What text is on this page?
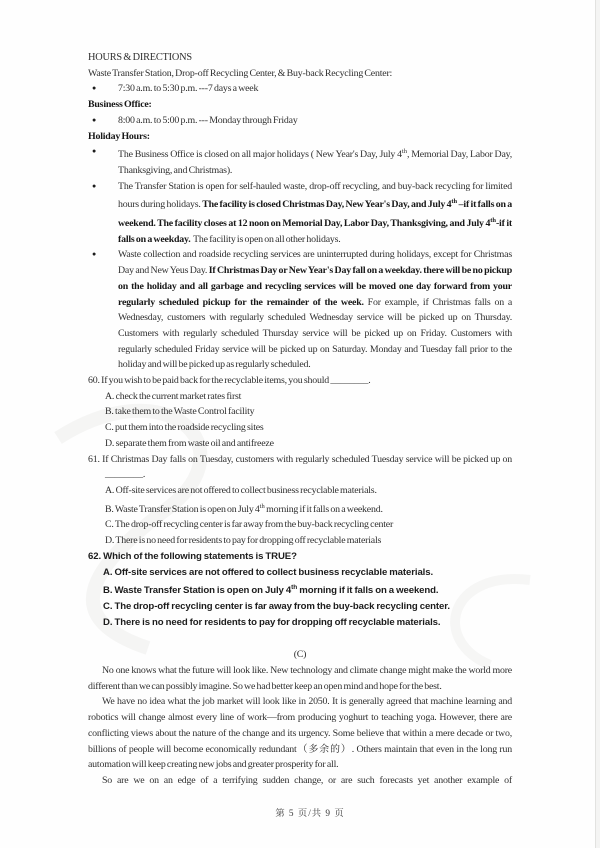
HOURS & DIRECTIONS
Waste Transfer Station, Drop-off Recycling Center, & Buy-back Recycling Center:
●	7:30 a.m. to 5:30 p.m. ---7 days a week
Business Office:
●	8:00 a.m. to 5:00 p.m. --- Monday through Friday
Holiday Hours:
●	The Business Office is closed on all major holidays ( New Year's Day, July 4th, Memorial Day, Labor Day, Thanksgiving, and Christmas).
●	The Transfer Station is open for self-hauled waste, drop-off recycling, and buy-back recycling for limited hours during holidays. The facility is closed Christmas Day, New Year's Day, and July 4th –if it falls on a weekend. The facility closes at 12 noon on Memorial Day, Labor Day, Thanksgiving, and July 4th-if it falls on a weekday.  The facility is open on all other holidays.
●	Waste collection and roadside recycling services are uninterrupted during holidays, except for Christmas Day and New Yeus Day. If Christmas Day or New Year's Day fall on a weekday. there will be no pickup on the holiday and all garbage and recycling services will be moved one day forward from your regularly scheduled pickup for the remainder of the week. For example, if Christmas falls on a Wednesday, customers with regularly scheduled Wednesday service will be picked up on Thursday. Customers with regularly scheduled Thursday service will be picked up on Friday. Customers with regularly scheduled Friday service will be picked up on Saturday. Monday and Tuesday fall prior to the holiday and will be picked up as regularly scheduled.
60. If you wish to be paid back for the recyclable items, you should ________.
A. check the current market rates first
B. take them to the Waste Control facility
C. put them into the roadside recycling sites
D. separate them from waste oil and antifreeze
61. If Christmas Day falls on Tuesday, customers with regularly scheduled Tuesday service will be picked up on ________.
A. Off-site services are not offered to collect business recyclable materials.
B. Waste Transfer Station is open on July 4th morning if it falls on a weekend.
C. The drop-off recycling center is far away from the buy-back recycling center
D. There is no need for residents to pay for dropping off recyclable materials
62. Which of the following statements is TRUE?
A. Off-site services are not offered to collect business recyclable materials.
B. Waste Transfer Station is open on July 4th morning if it falls on a weekend.
C. The drop-off recycling center is far away from the buy-back recycling center.
D. There is no need for residents to pay for dropping off recyclable materials.
(C)
No one knows what the future will look like. New technology and climate change might make the world more different than we can possibly imagine. So we had better keep an open mind and hope for the best.
We have no idea what the job market will look like in 2050. It is generally agreed that machine learning and robotics will change almost every line of work—from producing yoghurt to teaching yoga. However, there are conflicting views about the nature of the change and its urgency. Some believe that within a mere decade or two, billions of people will become economically redundant（多余的）. Others maintain that even in the long run automation will keep creating new jobs and greater prosperity for all.
So are we on an edge of a terrifying sudden change, or are such forecasts yet another example of
第 5 页/共 9 页
